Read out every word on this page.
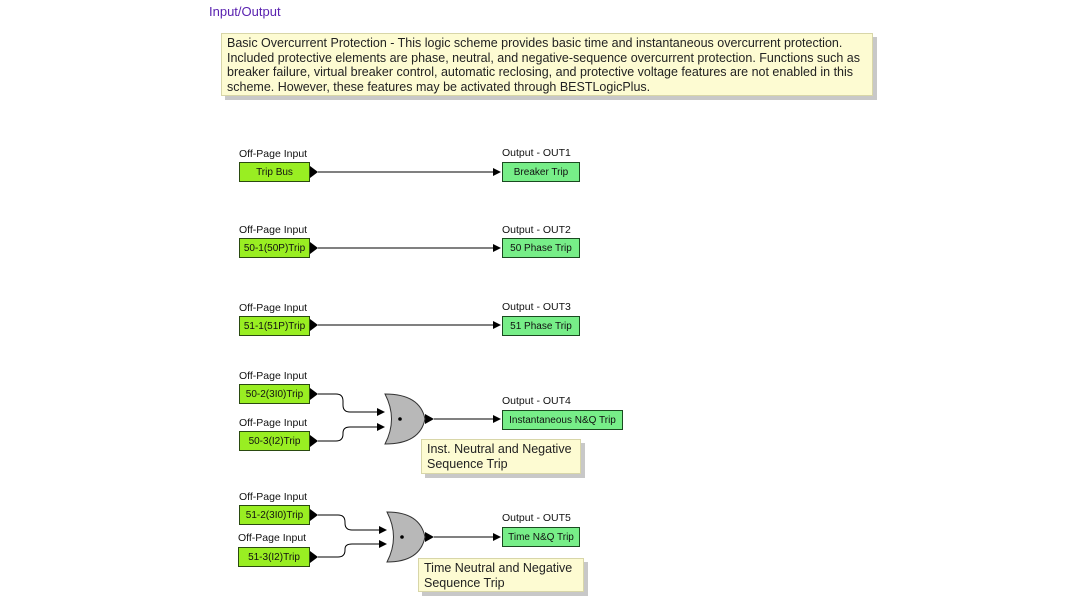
Input/Output
Basic Overcurrent Protection - This logic scheme provides basic time and instantaneous overcurrent protection. Included protective elements are phase, neutral, and negative-sequence overcurrent protection. Functions such as breaker failure, virtual breaker control, automatic reclosing, and protective voltage features are not enabled in this scheme. However, these features may be activated through BESTLogicPlus.
Off-Page Input
Trip Bus
Off-Page Input
50-1(50P)Trip
Off-Page Input
51-1(51P)Trip
Off-Page Input
50-2(3I0)Trip
Off-Page Input
50-3(I2)Trip
Off-Page Input
51-2(3I0)Trip
Off-Page Input
51-3(I2)Trip
Output - OUT1
Breaker Trip
Output - OUT2
50 Phase Trip
Output - OUT3
51 Phase Trip
Output - OUT4
Instantaneous N&Q Trip
Output - OUT5
Time N&Q Trip
Inst. Neutral and Negative Sequence Trip
Time Neutral and Negative Sequence Trip
